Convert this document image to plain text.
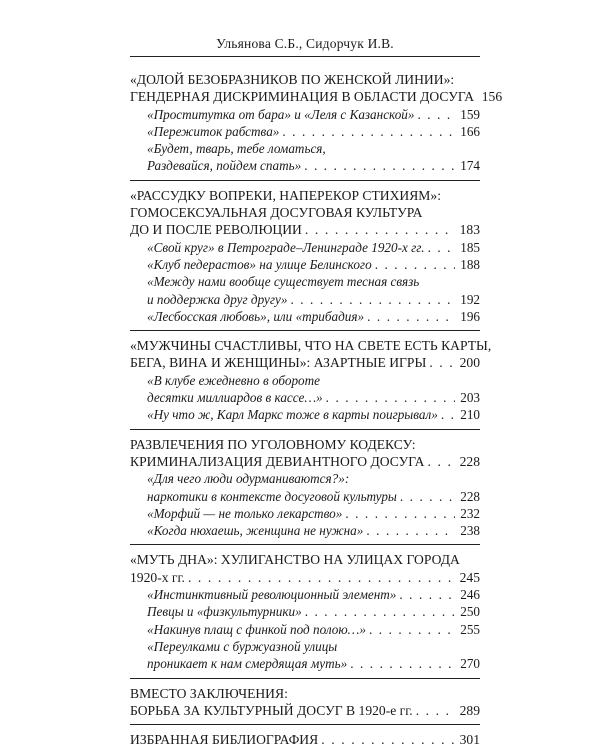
Ульянова С.Б., Сидорчук И.В.
«ДОЛОЙ БЕЗОБРАЗНИКОВ ПО ЖЕНСКОЙ ЛИНИИ»:
ГЕНДЕРНАЯ ДИСКРИМИНАЦИЯ В ОБЛАСТИ ДОСУГА 156
«Проститутка от бара» и «Леля с Казанской» . . .	159
«Пережиток рабства» . . .	166
«Будет, тварь, тебе ломаться,
Раздевайся, пойдем спать» . . .	174
«РАССУДКУ ВОПРЕКИ, НАПЕРЕКОР СТИХИЯМ»:
ГОМОСЕКСУАЛЬНАЯ ДОСУГОВАЯ КУЛЬТУРА
ДО И ПОСЛЕ РЕВОЛЮЦИИ . . .	183
«Свой круг» в Петрограде–Ленинграде 1920-х гг. . . .	185
«Клуб педерастов» на улице Белинского . . .	188
«Между нами вообще существует тесная связь
и поддержка друг другу» . . .	192
«Лесбосская любовь», или «трибадия» . . .	196
«МУЖЧИНЫ СЧАСТЛИВЫ, ЧТО НА СВЕТЕ ЕСТЬ КАРТЫ,
БЕГА, ВИНА И ЖЕНЩИНЫ»: АЗАРТНЫЕ ИГРЫ . . . 200
«В клубе ежедневно в обороте
десятки миллиардов в кассе…» . . .	203
«Ну что ж, Карл Маркс тоже в карты поигрывал» . . . 210
РАЗВЛЕЧЕНИЯ ПО УГОЛОВНОМУ КОДЕКСУ:
КРИМИНАЛИЗАЦИЯ ДЕВИАНТНОГО ДОСУГА . . .	228
«Для чего люди одурманиваются?»:
наркотики в контексте досуговой культуры . . .	228
«Морфий — не только лекарство» . . .	232
«Когда нюхаешь, женщина не нужна» . . .	238
«МУТЬ ДНА»: ХУЛИГАНСТВО НА УЛИЦАХ ГОРОДА
1920-х гг. . . .	245
«Инстинктивный революционный элемент» . . .	246
Певцы и «физкультурники» . . .	250
«Накинув плащ с финкой под полою…» . . .	255
«Переулками с буржуазной улицы
проникает к нам смердящая муть» . . .	270
ВМЕСТО ЗАКЛЮЧЕНИЯ:
БОРЬБА ЗА КУЛЬТУРНЫЙ ДОСУГ В 1920-е гг. . . .	289
ИЗБРАННАЯ БИБЛИОГРАФИЯ . . .	301
